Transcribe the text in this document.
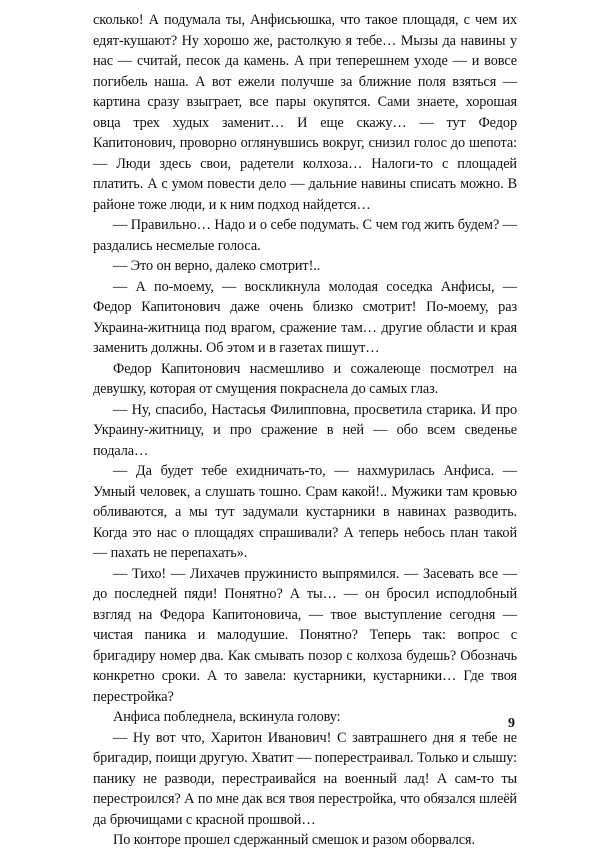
сколько! А подумала ты, Анфисьюшка, что такое площадя, с чем их едят-кушают? Ну хорошо же, растолкую я тебе… Мызы да навины у нас — считай, песок да камень. А при теперешнем уходе — и вовсе погибель наша. А вот ежели получше за ближние поля взяться — картина сразу взыграет, все пары окупятся. Сами знаете, хорошая овца трех худых заменит… И еще скажу… — тут Федор Капитонович, проворно оглянувшись вокруг, снизил голос до шепота: — Люди здесь свои, радетели колхоза… Налоги-то с площадей платить. А с умом повести дело — дальние навины списать можно. В районе тоже люди, и к ним подход найдется…

— Правильно… Надо и о себе подумать. С чем год жить будем? — раздались несмелые голоса.

— Это он верно, далеко смотрит!..

— А по-моему, — воскликнула молодая соседка Анфисы, — Федор Капитонович даже очень близко смотрит! По-моему, раз Украина-житница под врагом, сражение там… другие области и края заменить должны. Об этом и в газетах пишут…

Федор Капитонович насмешливо и сожалеюще посмотрел на девушку, которая от смущения покраснела до самых глаз.

— Ну, спасибо, Настасья Филипповна, просветила старика. И про Украину-житницу, и про сражение в ней — обо всем сведенье подала…

— Да будет тебе ехидничать-то, — нахмурилась Анфиса. — Умный человек, а слушать тошно. Срам какой!.. Мужики там кровью обливаются, а мы тут задумали кустарники в навинах разводить. Когда это нас о площадях спрашивали? А теперь небось план такой — пахать не перепахать».

— Тихо! — Лихачев пружинисто выпрямился. — Засевать все — до последней пяди! Понятно? А ты… — он бросил исподлобный взгляд на Федора Капитоновича, — твое выступление сегодня — чистая паника и малодушие. Понятно? Теперь так: вопрос с бригадиру номер два. Как смывать позор с колхоза будешь? Обозначь конкретно сроки. А то завела: кустарники, кустарники… Где твоя перестройка?

Анфиса побледнела, вскинула голову:

— Ну вот что, Харитон Иванович! С завтрашнего дня я тебе не бригадир, поищи другую. Хватит — поперестраивал. Только и слышу: панику не разводи, перестраивайся на военный лад! А сам-то ты перестроился? А по мне дак вся твоя перестройка, что обязался шлеёй да брючищами с красной прошвой…

По конторе прошел сдержанный смешок и разом оборвался.

9
